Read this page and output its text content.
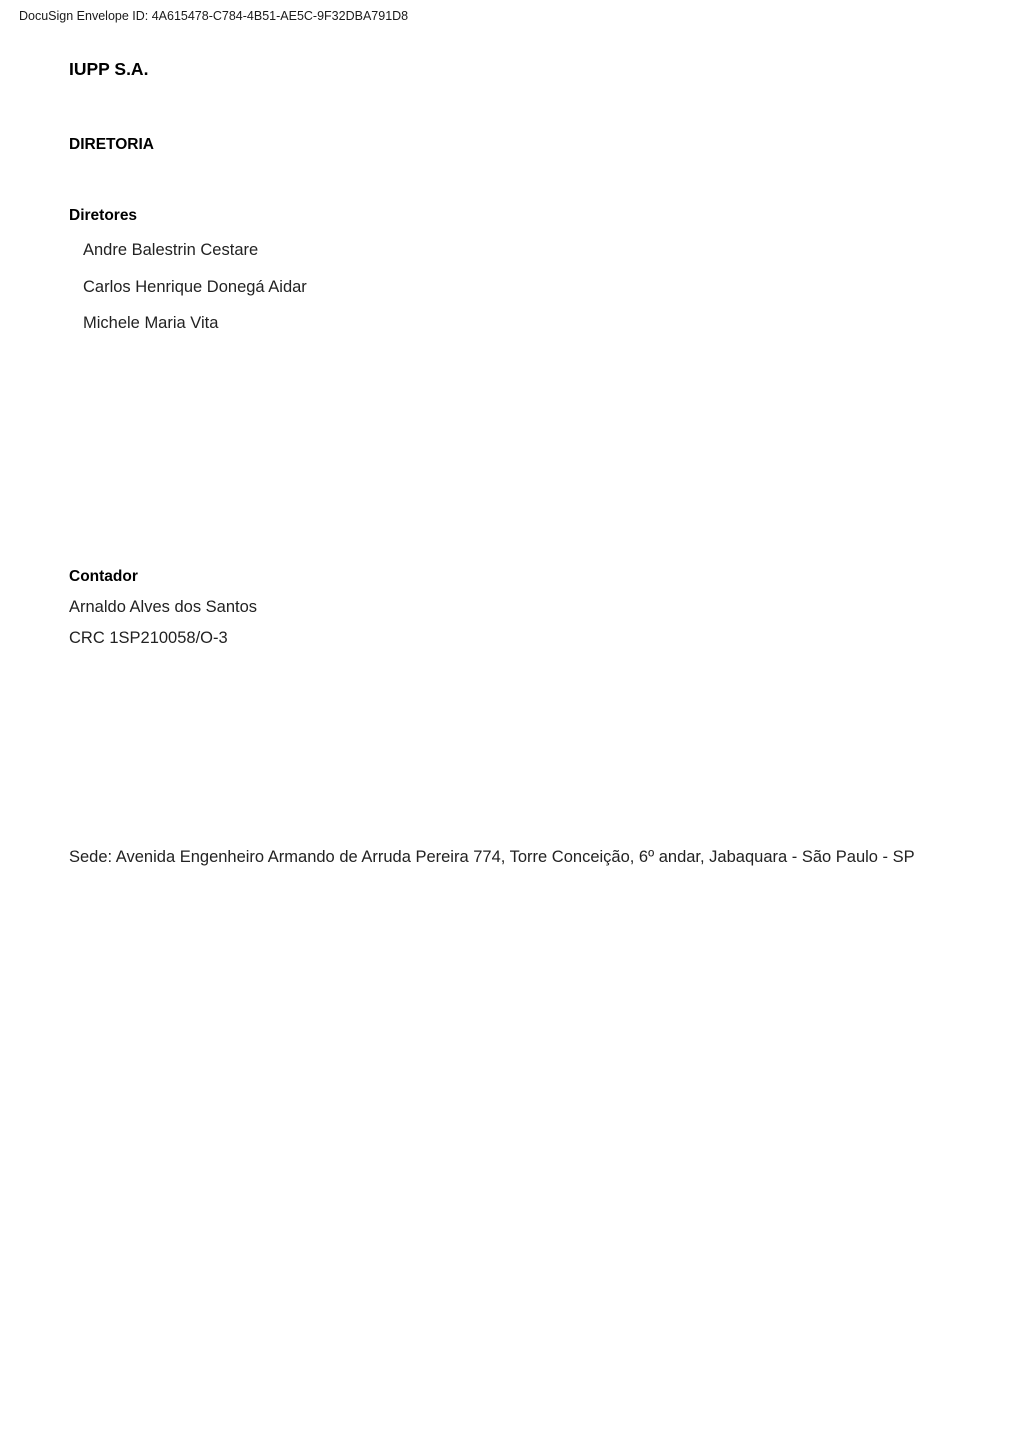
DocuSign Envelope ID: 4A615478-C784-4B51-AE5C-9F32DBA791D8
IUPP S.A.
DIRETORIA
Diretores
Andre Balestrin Cestare
Carlos Henrique Donegá Aidar
Michele Maria Vita
Contador
Arnaldo Alves dos Santos
CRC 1SP210058/O-3
Sede: Avenida Engenheiro Armando de Arruda Pereira 774, Torre Conceição, 6º andar, Jabaquara - São Paulo - SP
